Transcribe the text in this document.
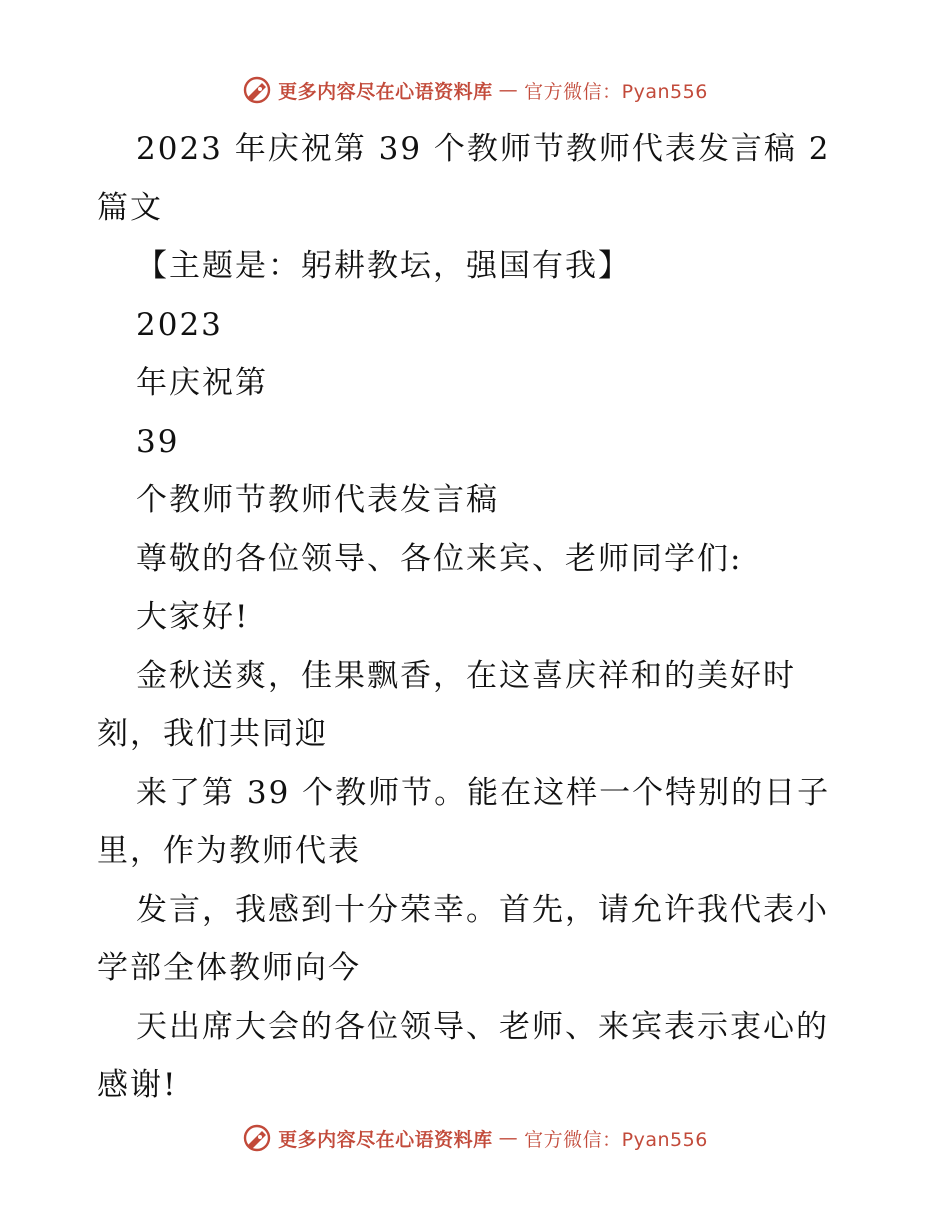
更多内容尽在心语资料库 — 官方微信：Pyan556
2023 年庆祝第 39 个教师节教师代表发言稿 2
篇文
【主题是：躬耕教坛，强国有我】
2023
年庆祝第
39
个教师节教师代表发言稿
尊敬的各位领导、各位来宾、老师同学们:
大家好!
金秋送爽，佳果飘香，在这喜庆祥和的美好时
刻，我们共同迎
来了第 39 个教师节。能在这样一个特别的日子
里，作为教师代表
发言，我感到十分荣幸。首先，请允许我代表小
学部全体教师向今
天出席大会的各位领导、老师、来宾表示衷心的
感谢!
更多内容尽在心语资料库 — 官方微信：Pyan556
